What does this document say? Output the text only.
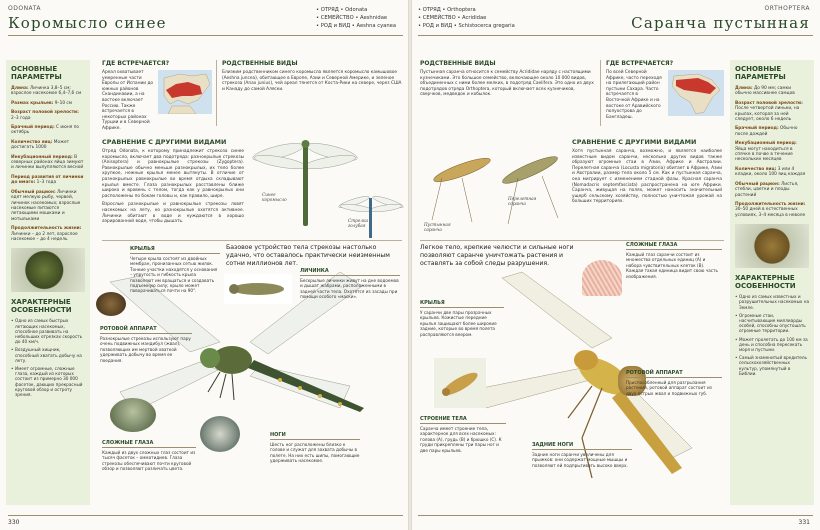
ODONATA
Коромысло синее
• ОТРЯД • Odonata
• СЕМЕЙСТВО • Aeshnidae
• РОД и ВИД • Aeshna cyanea
ОСНОВНЫЕ ПАРАМЕТРЫ
Длина: Личинка 3,8–5 см; взрослое насекомое 6,4–7,6 см
Размах крыльев: 9–10 см
Возраст половой зрелости: 2–3 года
Брачный период: С июня по октябрь
Количество яиц: Может достигать 1000
Инкубационный период: В северных районах яйца зимуют и личинки вылупляются весной
Период развития от личинки до имаго: 1–3 года
Обычный рацион: Личинки едят мелкую рыбу, червей, личинок насекомых; взрослые насекомые питаются летающими мошками и мотыльками
Продолжительность жизни: Личинки – до 2 лет, взрослое насекомое – до 4 недель
ХАРАКТЕРНЫЕ ОСОБЕННОСТИ
• Одно из самых быстрых летающих насекомых, способное развивать на небольших отрезках скорость до 40 км/ч.
• Воздушный хищник, способный хватать добычу на лету.
• Имеет огромные, сложные глаза, каждый из которых состоит из примерно 30 000 фасеток, дающих прекрасный круговой обзор и остроту зрения.
ГДЕ ВСТРЕЧАЕТСЯ?
Ареал охватывает умеренные части Европы от Испании до южных районов Скандинавии, а на востоке включает Россию. Также встречается в некоторых районах Турции и в Северной Африке.
РОДСТВЕННЫЕ ВИДЫ
Близким родственником синего коромысла является коромысло камышовое (Aeshna juncea), обитающее в Европе, Азии и Северной Америке, и зеленое стрекоза (Anax junius), чей ареал тянется от Коста-Рики на севере, через США и Канаду до самой Аляски.
СРАВНЕНИЕ С ДРУГИМИ ВИДАМИ
Отряд Odonata, к которому принадлежит стрекоза синее коромысло, включает два подотряда: разнокрылые стрекозы (Anisoptera) и равнокрылые стрекозы (Zygoptera). Равнокрылые обычно меньше разнокрылых, их тело более хрупкое, нежные крылья менее вытянуты. В отличие от разнокрылых равнокрылые во время отдыха складывают крылья вместе. Глаза разнокрылых расставлены ближе широко и вровень с телом, тогда как у равнокрылых они расположены по бокам головы и, как правило, шире.
Взрослые разнокрылые и равнокрылые стрекозы ловят насекомых на лету, но разнокрылые охотятся активнее. Личинки обитают в воде и нуждаются в хорошо аэрированной воде, чтобы дышать.
Синее коромысло
Стрелка голубая
Базовое устройство тела стрекозы настолько удачно, что оставалось практически неизменным сотни миллионов лет.
ЛИЧИНКА
Бескрылые личинки живут на дне водоемов и дышат жабрами, расположенными в задней части тела. Охотятся из засады при помощи особого «маски».
КРЫЛЬЯ
Четыре крыла состоят из двойных мембран, пронизанных сетью жилок. Тонкие участки находятся у основания – упругость и гибкость крыла позволяют им вращаться и создавать подъемную силу; крыло может поворачиваться почти на 90°.
РОТОВОЙ АППАРАТ
Разнокрылые стрекозы используют пару очень подвижных мандибул (жвал), позволяющих им мертвой хваткой удерживать добычу во время ее поедания.
СЛОЖНЫЕ ГЛАЗА
Каждый из двух сложных глаз состоит из тысяч фасеток – омматидиев. Глаза стрекозы обеспечивают почти круговой обзор и позволяют различать цвета.
НОГИ
Шесть ног расположены близко к голове и служат для захвата добычы в полете. На них есть шипы, помогающие удерживать насекомое.
330
ORTHOPTERA
Саранча пустынная
• ОТРЯД • Orthoptera
• СЕМЕЙСТВО • Acrididae
• РОД и ВИД • Schistocerca gregaria
РОДСТВЕННЫЕ ВИДЫ
Пустынная саранча относится к семейству Acrididae наряду с настоящими кузнечиками. Это большое семейство, включающее около 10 000 видов, объединенных с ними более мелких, в подотряд Caelifera. Это одно из двух подотрядов отряда Orthoptera, который включает всех кузнечиков, сверчков, медведок и кобылок.
ГДЕ ВСТРЕЧАЕТСЯ?
По всей Северной Африке, часто переходя на прилегающий район пустыни Сахара. Часто встречается в Восточной Африке и на востоке от Аравийского полуострова до Бангладеш.
СРАВНЕНИЕ С ДРУГИМИ ВИДАМИ
Хотя пустынная саранча, возможно, и является наиболее известным видом саранчи, несколько других видов также образуют огромные стаи в Азии, Африке и Австралии. Перелетная саранча (Locusta migratoria) обитает в Африке, Азии и Австралии, размер тела около 5 см. Как и пустынная саранча, она мигрирует с изменением стадной фазы. Красная саранча (Nomadacris septemfasciata) распространена на юге Африки. Саранча, живущая на полях, может наносить значительный ущерб сельскому хозяйству, полностью уничтожая урожай на больших территориях.
Пустынная саранча
Перелетная саранча
ОСНОВНЫЕ ПАРАМЕТРЫ
Длина: До 90 мм; самки обычно массивнее самцов
Возраст половой зрелости: После четвертой линьки, на крылах, которая за ней следует, около 6 недель
Брачный период: Обычно после дождей
Инкубационный период: Яйца могут находиться в спячке в почве в течение нескольких месяцев
Количество яиц: 3 или 4 кладки, около 100 яиц каждая
Обычный рацион: Листья, стебли, цветки и плоды растений
Продолжительность жизни: 30–50 дней в естественных условиях, 3–4 месяца в неволе
ХАРАКТЕРНЫЕ ОСОБЕННОСТИ
• Одно из самых известных и разрушительных насекомых на Земле.
• Огромные стаи, насчитывающие миллиарды особей, способны опустошать огромные территории.
• Может пролетать до 100 км за день и способна пересекать моря и пустыни.
• Самый знаменитый вредитель сельскохозяйственных культур, упомянутый в Библии.
Легкое тело, крепкие челюсти и сильные ноги позволяют саранче уничтожать растения и оставлять за собой следы разрушения.
СЛОЖНЫЕ ГЛАЗА
Каждый глаз саранчи состоит из множества отдельных единиц (А) и набора чувствительных клеток (В). Каждая такая единица видит свою часть изображения.
КРЫЛЬЯ
У саранчи две пары прозрачных крыльев. Кожистые передние крылья защищают более широкие задние, которые во время полета расправляются веером.
РОТОВОЙ АППАРАТ
Приспособленный для разгрызания растений, ротовой аппарат состоит из двух острых жвал и подвижных губ.
СТРОЕНИЕ ТЕЛА
Саранча имеет строение тела, характерное для всех насекомых: голова (А), грудь (В) и брюшко (С). К груди прикреплены три пары ног и две пары крыльев.
ЗАДНИЕ НОГИ
Задние ноги саранчи увеличены для прыжков: они содержат мощные мышцы и позволяют ей подпрыгивать высоко вверх.
331
